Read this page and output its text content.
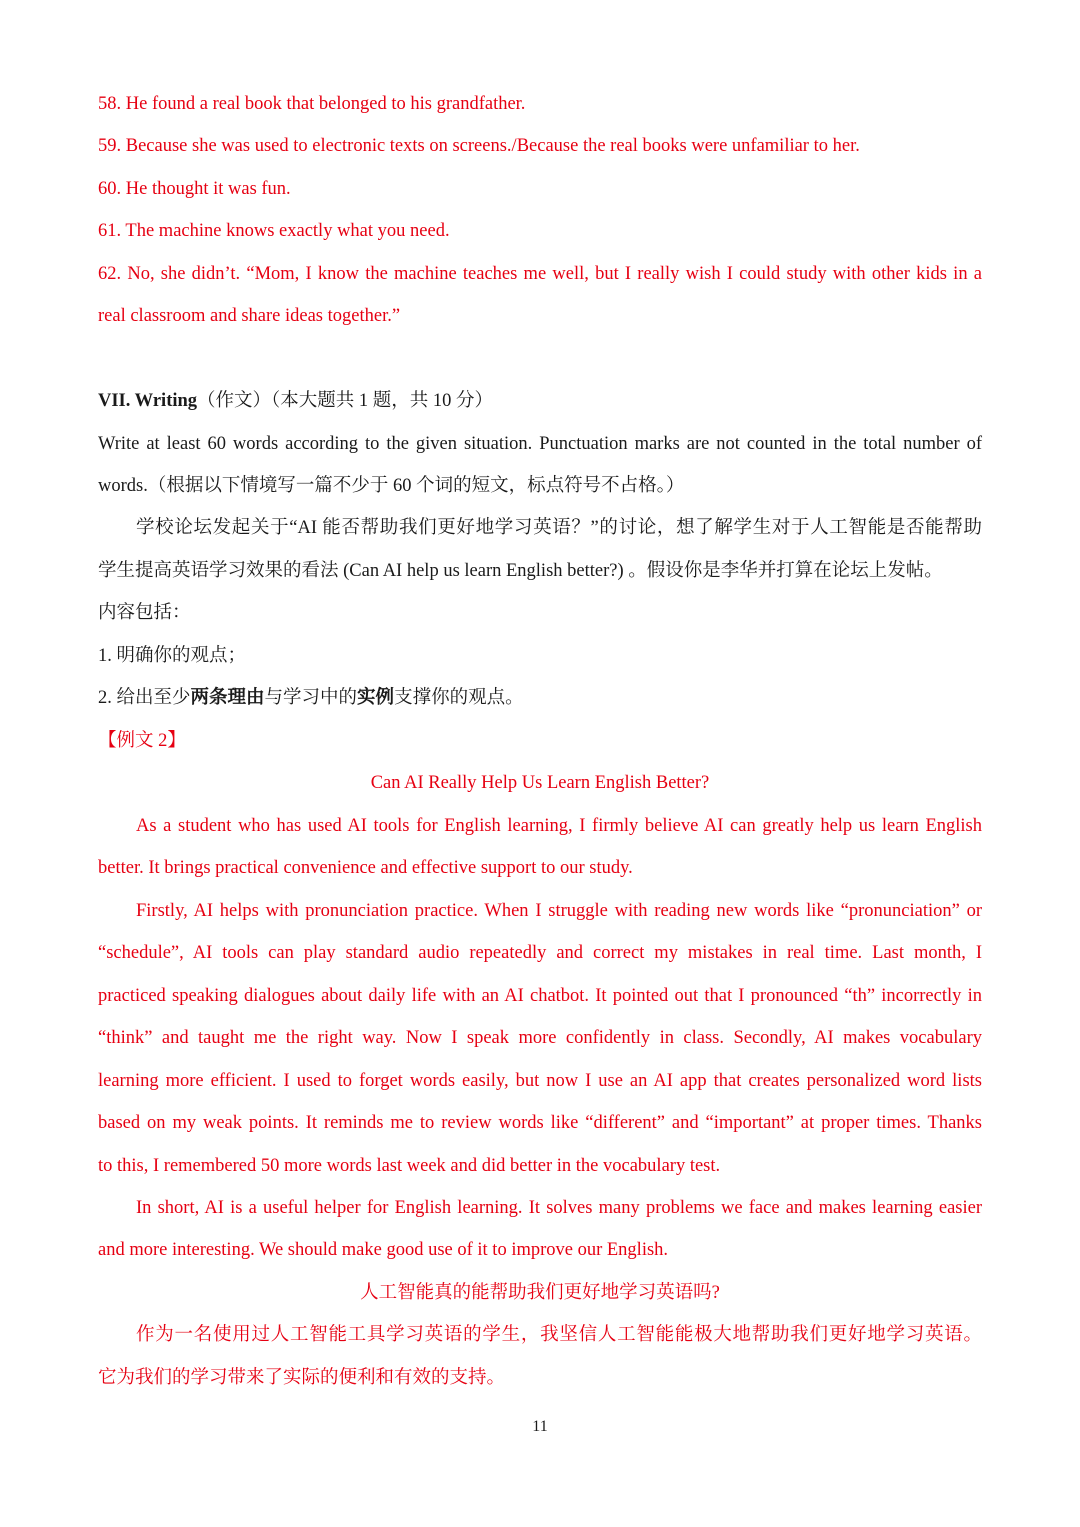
58. He found a real book that belonged to his grandfather.
59. Because she was used to electronic texts on screens./Because the real books were unfamiliar to her.
60. He thought it was fun.
61. The machine knows exactly what you need.
62. No, she didn’t. “Mom, I know the machine teaches me well, but I really wish I could study with other kids in a
real classroom and share ideas together.”
VII. Writing（作文）（本大题共 1 题，共 10 分）
Write at least 60 words according to the given situation. Punctuation marks are not counted in the total number of
words.（根据以下情境写一篇不少于 60 个词的短文，标点符号不占格。）
学校论坛发起关于“AI 能否帮助我们更好地学习英语？”的讨论，想了解学生对于人工智能是否能帮助
学生提高英语学习效果的看法 (Can AI help us learn English better?) 。假设你是李华并打算在论坛上发帖。
内容包括：
1. 明确你的观点；
2. 给出至少两条理由与学习中的实例支撑你的观点。
【例文 2】
Can AI Really Help Us Learn English Better?
As a student who has used AI tools for English learning, I firmly believe AI can greatly help us learn English
better. It brings practical convenience and effective support to our study.
Firstly, AI helps with pronunciation practice. When I struggle with reading new words like “pronunciation” or
“schedule”, AI tools can play standard audio repeatedly and correct my mistakes in real time. Last month, I
practiced speaking dialogues about daily life with an AI chatbot. It pointed out that I pronounced “th” incorrectly in
“think” and taught me the right way. Now I speak more confidently in class. Secondly, AI makes vocabulary
learning more efficient. I used to forget words easily, but now I use an AI app that creates personalized word lists
based on my weak points. It reminds me to review words like “different” and “important” at proper times. Thanks
to this, I remembered 50 more words last week and did better in the vocabulary test.
In short, AI is a useful helper for English learning. It solves many problems we face and makes learning easier
and more interesting. We should make good use of it to improve our English.
人工智能真的能帮助我们更好地学习英语吗?
作为一名使用过人工智能工具学习英语的学生，我坚信人工智能能极大地帮助我们更好地学习英语。
它为我们的学习带来了实际的便利和有效的支持。
11
